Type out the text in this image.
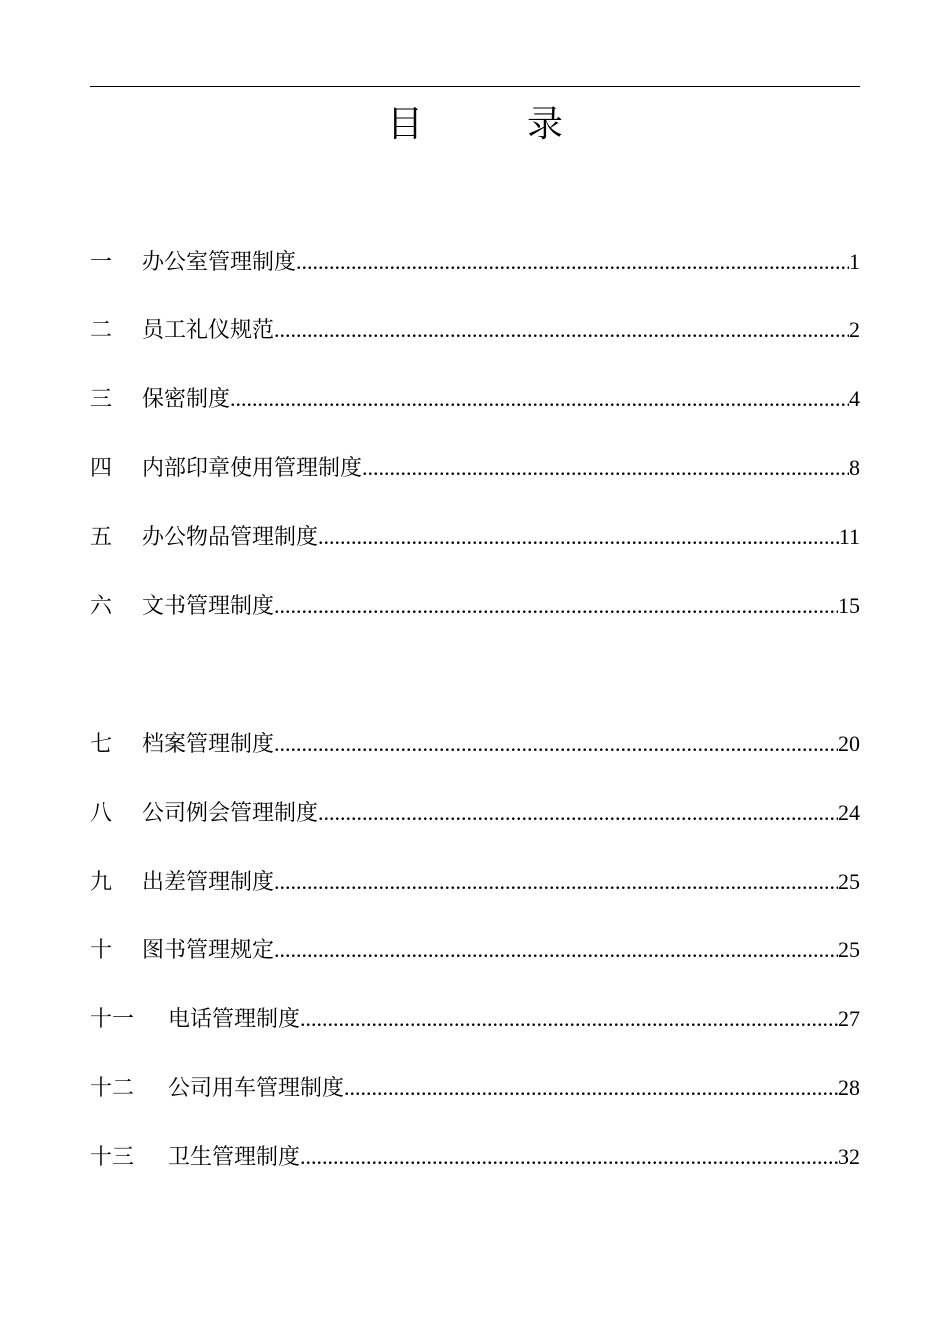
目	录
一	办公室管理制度 .....	1
二	员工礼仪规范 .....	2
三	保密制度 .....	4
四	内部印章使用管理制度 .....	8
五	办公物品管理制度 .....	11
六	文书管理制度 .....	15
七	档案管理制度 .....	20
八	公司例会管理制度 .....	24
九	出差管理制度 .....	25
十	图书管理规定 .....	25
十一	电话管理制度 .....	27
十二	公司用车管理制度 .....	28
十三	卫生管理制度 .....	32
